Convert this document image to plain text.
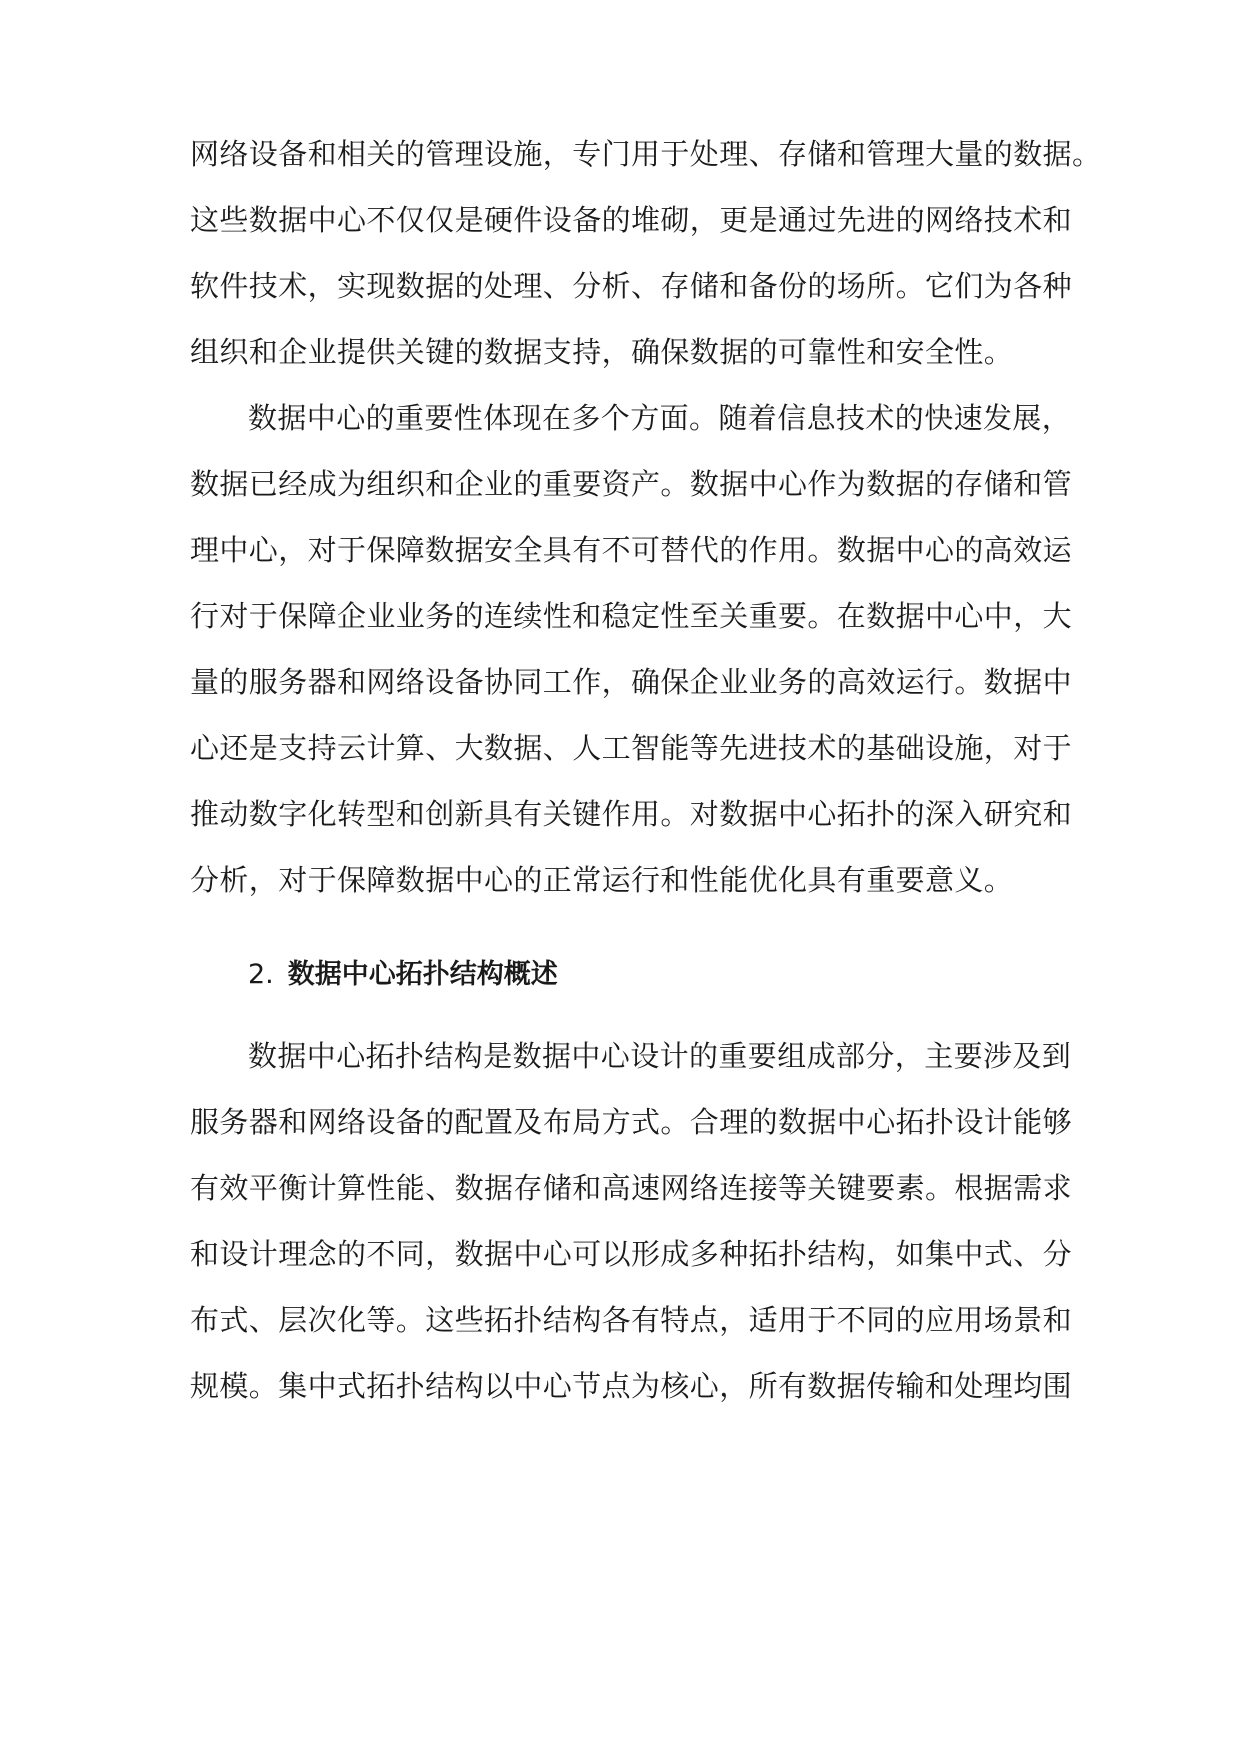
网络设备和相关的管理设施，专门用于处理、存储和管理大量的数据。
这些数据中心不仅仅是硬件设备的堆砌，更是通过先进的网络技术和
软件技术，实现数据的处理、分析、存储和备份的场所。它们为各种
组织和企业提供关键的数据支持，确保数据的可靠性和安全性。
数据中心的重要性体现在多个方面。随着信息技术的快速发展，
数据已经成为组织和企业的重要资产。数据中心作为数据的存储和管
理中心，对于保障数据安全具有不可替代的作用。数据中心的高效运
行对于保障企业业务的连续性和稳定性至关重要。在数据中心中，大
量的服务器和网络设备协同工作，确保企业业务的高效运行。数据中
心还是支持云计算、大数据、人工智能等先进技术的基础设施，对于
推动数字化转型和创新具有关键作用。对数据中心拓扑的深入研究和
分析，对于保障数据中心的正常运行和性能优化具有重要意义。
2. 数据中心拓扑结构概述
数据中心拓扑结构是数据中心设计的重要组成部分，主要涉及到
服务器和网络设备的配置及布局方式。合理的数据中心拓扑设计能够
有效平衡计算性能、数据存储和高速网络连接等关键要素。根据需求
和设计理念的不同，数据中心可以形成多种拓扑结构，如集中式、分
布式、层次化等。这些拓扑结构各有特点，适用于不同的应用场景和
规模。集中式拓扑结构以中心节点为核心，所有数据传输和处理均围
